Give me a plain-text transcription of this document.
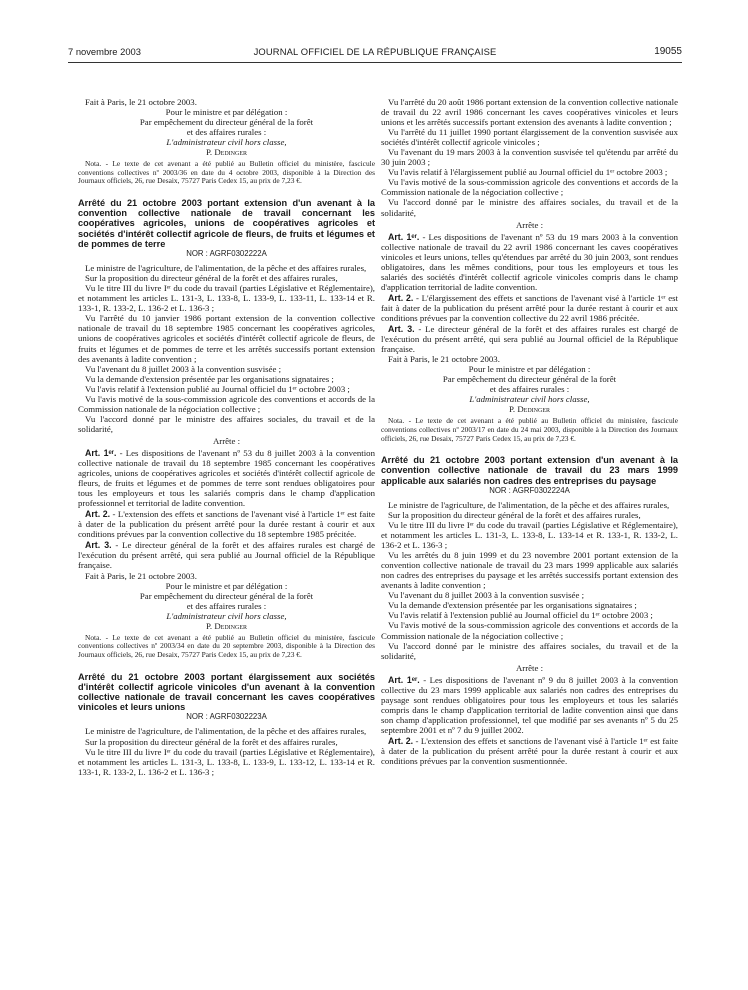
7 novembre 2003	JOURNAL OFFICIEL DE LA RÉPUBLIQUE FRANÇAISE	19055

Fait à Paris, le 21 octobre 2003.

Pour le ministre et par délégation :

Par empêchement du directeur général de la forêt

et des affaires rurales :

L'administrateur civil hors classe,

P. Dedinger

Nota. - Le texte de cet avenant a été publié au Bulletin officiel du ministère, fascicule conventions collectives nº 2003/36 en date du 4 octobre 2003, disponible à la Direction des Journaux officiels, 26, rue Desaix, 75727 Paris Cedex 15, au prix de 7,23 €.

Arrêté du 21 octobre 2003 portant extension d'un avenant à la convention collective nationale de travail concernant les coopératives agricoles, unions de coopératives agricoles et sociétés d'intérêt collectif agricole de fleurs, de fruits et légumes et de pommes de terre

NOR : AGRF0302222A

Le ministre de l'agriculture, de l'alimentation, de la pêche et des affaires rurales,

Sur la proposition du directeur général de la forêt et des affaires rurales,

Vu le titre III du livre Iᵉʳ du code du travail (parties Législative et Réglementaire), et notamment les articles L. 131-3, L. 133-8, L. 133-9, L. 133-11, L. 133-14 et R. 133-1, R. 133-2, L. 136-2 et L. 136-3 ;

Vu l'arrêté du 10 janvier 1986 portant extension de la convention collective nationale de travail du 18 septembre 1985 concernant les coopératives agricoles, unions de coopératives agricoles et sociétés d'intérêt collectif agricole de fleurs, de fruits et légumes et de pommes de terre et les arrêtés successifs portant extension des avenants à ladite convention ;

Vu l'avenant du 8 juillet 2003 à la convention susvisée ;

Vu la demande d'extension présentée par les organisations signataires ;

Vu l'avis relatif à l'extension publié au Journal officiel du 1ᵉʳ octobre 2003 ;

Vu l'avis motivé de la sous-commission agricole des conventions et accords de la Commission nationale de la négociation collective ;

Vu l'accord donné par le ministre des affaires sociales, du travail et de la solidarité,

Arrête :

Art. 1ᵉʳ. - Les dispositions de l'avenant nº 53 du 8 juillet 2003 à la convention collective nationale de travail du 18 septembre 1985 concernant les coopératives agricoles, unions de coopératives agricoles et sociétés d'intérêt collectif agricole de fleurs, de fruits et légumes et de pommes de terre sont rendues obligatoires pour tous les employeurs et tous les salariés compris dans le champ d'application professionnel et territorial de ladite convention.

Art. 2. - L'extension des effets et sanctions de l'avenant visé à l'article 1ᵉʳ est faite à dater de la publication du présent arrêté pour la durée restant à courir et aux conditions prévues par la convention collective du 18 septembre 1985 précitée.

Art. 3. - Le directeur général de la forêt et des affaires rurales est chargé de l'exécution du présent arrêté, qui sera publié au Journal officiel de la République française.

Fait à Paris, le 21 octobre 2003.

Pour le ministre et par délégation :

Par empêchement du directeur général de la forêt

et des affaires rurales :

L'administrateur civil hors classe,

P. Dedinger

Nota. - Le texte de cet avenant a été publié au Bulletin officiel du ministère, fascicule conventions collectives nº 2003/34 en date du 20 septembre 2003, disponible à la Direction des Journaux officiels, 26, rue Desaix, 75727 Paris Cedex 15, au prix de 7,23 €.

Arrêté du 21 octobre 2003 portant élargissement aux sociétés d'intérêt collectif agricole vinicoles d'un avenant à la convention collective nationale de travail concernant les caves coopératives vinicoles et leurs unions

NOR : AGRF0302223A

Le ministre de l'agriculture, de l'alimentation, de la pêche et des affaires rurales,

Sur la proposition du directeur général de la forêt et des affaires rurales,

Vu le titre III du livre Iᵉʳ du code du travail (parties Législative et Réglementaire), et notamment les articles L. 131-3, L. 133-8, L. 133-9, L. 133-12, L. 133-14 et R. 133-1, R. 133-2, L. 136-2 et L. 136-3 ;

Vu l'arrêté du 20 août 1986 portant extension de la convention collective nationale de travail du 22 avril 1986 concernant les caves coopératives vinicoles et leurs unions et les arrêtés successifs portant extension des avenants à ladite convention ;

Vu l'arrêté du 11 juillet 1990 portant élargissement de la convention susvisée aux sociétés d'intérêt collectif agricole vinicoles ;

Vu l'avenant du 19 mars 2003 à la convention susvisée tel qu'étendu par arrêté du 30 juin 2003 ;

Vu l'avis relatif à l'élargissement publié au Journal officiel du 1ᵉʳ octobre 2003 ;

Vu l'avis motivé de la sous-commission agricole des conventions et accords de la Commission nationale de la négociation collective ;

Vu l'accord donné par le ministre des affaires sociales, du travail et de la solidarité,

Arrête :

Art. 1ᵉʳ. - Les dispositions de l'avenant nº 53 du 19 mars 2003 à la convention collective nationale de travail du 22 avril 1986 concernant les caves coopératives vinicoles et leurs unions, telles qu'étendues par arrêté du 30 juin 2003, sont rendues obligatoires, dans les mêmes conditions, pour tous les employeurs et tous les salariés des sociétés d'intérêt collectif agricole vinicoles compris dans le champ d'application territorial de ladite convention.

Art. 2. - L'élargissement des effets et sanctions de l'avenant visé à l'article 1ᵉʳ est fait à dater de la publication du présent arrêté pour la durée restant à courir et aux conditions prévues par la convention collective du 22 avril 1986 précitée.

Art. 3. - Le directeur général de la forêt et des affaires rurales est chargé de l'exécution du présent arrêté, qui sera publié au Journal officiel de la République française.

Fait à Paris, le 21 octobre 2003.

Pour le ministre et par délégation :

Par empêchement du directeur général de la forêt

et des affaires rurales :

L'administrateur civil hors classe,

P. Dedinger

Nota. - Le texte de cet avenant a été publié au Bulletin officiel du ministère, fascicule conventions collectives nº 2003/17 en date du 24 mai 2003, disponible à la Direction des Journaux officiels, 26, rue Desaix, 75727 Paris Cedex 15, au prix de 7,23 €.

Arrêté du 21 octobre 2003 portant extension d'un avenant à la convention collective nationale de travail du 23 mars 1999 applicable aux salariés non cadres des entreprises du paysage

NOR : AGRF0302224A

Le ministre de l'agriculture, de l'alimentation, de la pêche et des affaires rurales,

Sur la proposition du directeur général de la forêt et des affaires rurales,

Vu le titre III du livre Iᵉʳ du code du travail (parties Législative et Réglementaire), et notamment les articles L. 131-3, L. 133-8, L. 133-14 et R. 133-1, R. 133-2, L. 136-2 et L. 136-3 ;

Vu les arrêtés du 8 juin 1999 et du 23 novembre 2001 portant extension de la convention collective nationale de travail du 23 mars 1999 applicable aux salariés non cadres des entreprises du paysage et les arrêtés successifs portant extension des avenants à ladite convention ;

Vu l'avenant du 8 juillet 2003 à la convention susvisée ;

Vu la demande d'extension présentée par les organisations signataires ;

Vu l'avis relatif à l'extension publié au Journal officiel du 1ᵉʳ octobre 2003 ;

Vu l'avis motivé de la sous-commission agricole des conventions et accords de la Commission nationale de la négociation collective ;

Vu l'accord donné par le ministre des affaires sociales, du travail et de la solidarité,

Arrête :

Art. 1ᵉʳ. - Les dispositions de l'avenant nº 9 du 8 juillet 2003 à la convention collective du 23 mars 1999 applicable aux salariés non cadres des entreprises du paysage sont rendues obligatoires pour tous les employeurs et tous les salariés compris dans le champ d'application territorial de ladite convention ainsi que dans son champ d'application professionnel, tel que modifié par ses avenants nº 5 du 25 septembre 2001 et nº 7 du 9 juillet 2002.

Art. 2. - L'extension des effets et sanctions de l'avenant visé à l'article 1ᵉʳ est faite à dater de la publication du présent arrêté pour la durée restant à courir et aux conditions prévues par la convention susmentionnée.
